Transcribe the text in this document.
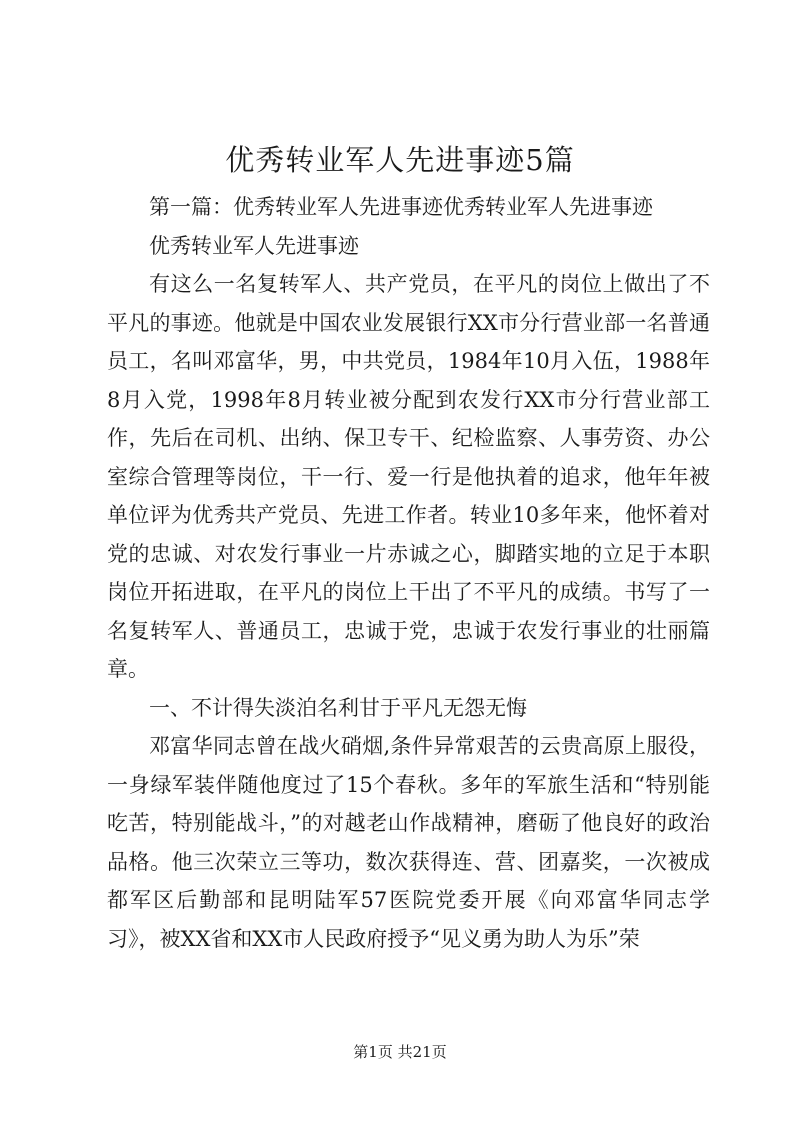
优秀转业军人先进事迹5篇

第一篇：优秀转业军人先进事迹优秀转业军人先进事迹

优秀转业军人先进事迹

有这么一名复转军人、共产党员，在平凡的岗位上做出了不平凡的事迹。他就是中国农业发展银行XX市分行营业部一名普通员工，名叫邓富华，男，中共党员，1984年10月入伍，1988年8月入党，1998年8月转业被分配到农发行XX市分行营业部工作，先后在司机、出纳、保卫专干、纪检监察、人事劳资、办公室综合管理等岗位，干一行、爱一行是他执着的追求，他年年被单位评为优秀共产党员、先进工作者。转业10多年来，他怀着对党的忠诚、对农发行事业一片赤诚之心，脚踏实地的立足于本职岗位开拓进取，在平凡的岗位上干出了不平凡的成绩。书写了一名复转军人、普通员工，忠诚于党，忠诚于农发行事业的壮丽篇章。

一、不计得失淡泊名利甘于平凡无怨无悔

邓富华同志曾在战火硝烟,条件异常艰苦的云贵高原上服役，一身绿军装伴随他度过了15个春秋。多年的军旅生活和“特别能吃苦，特别能战斗，”的对越老山作战精神，磨砺了他良好的政治品格。他三次荣立三等功，数次获得连、营、团嘉奖，一次被成都军区后勤部和昆明陆军57医院党委开展《向邓富华同志学习》，被XX省和XX市人民政府授予“见义勇为助人为乐”荣

第1页 共21页
